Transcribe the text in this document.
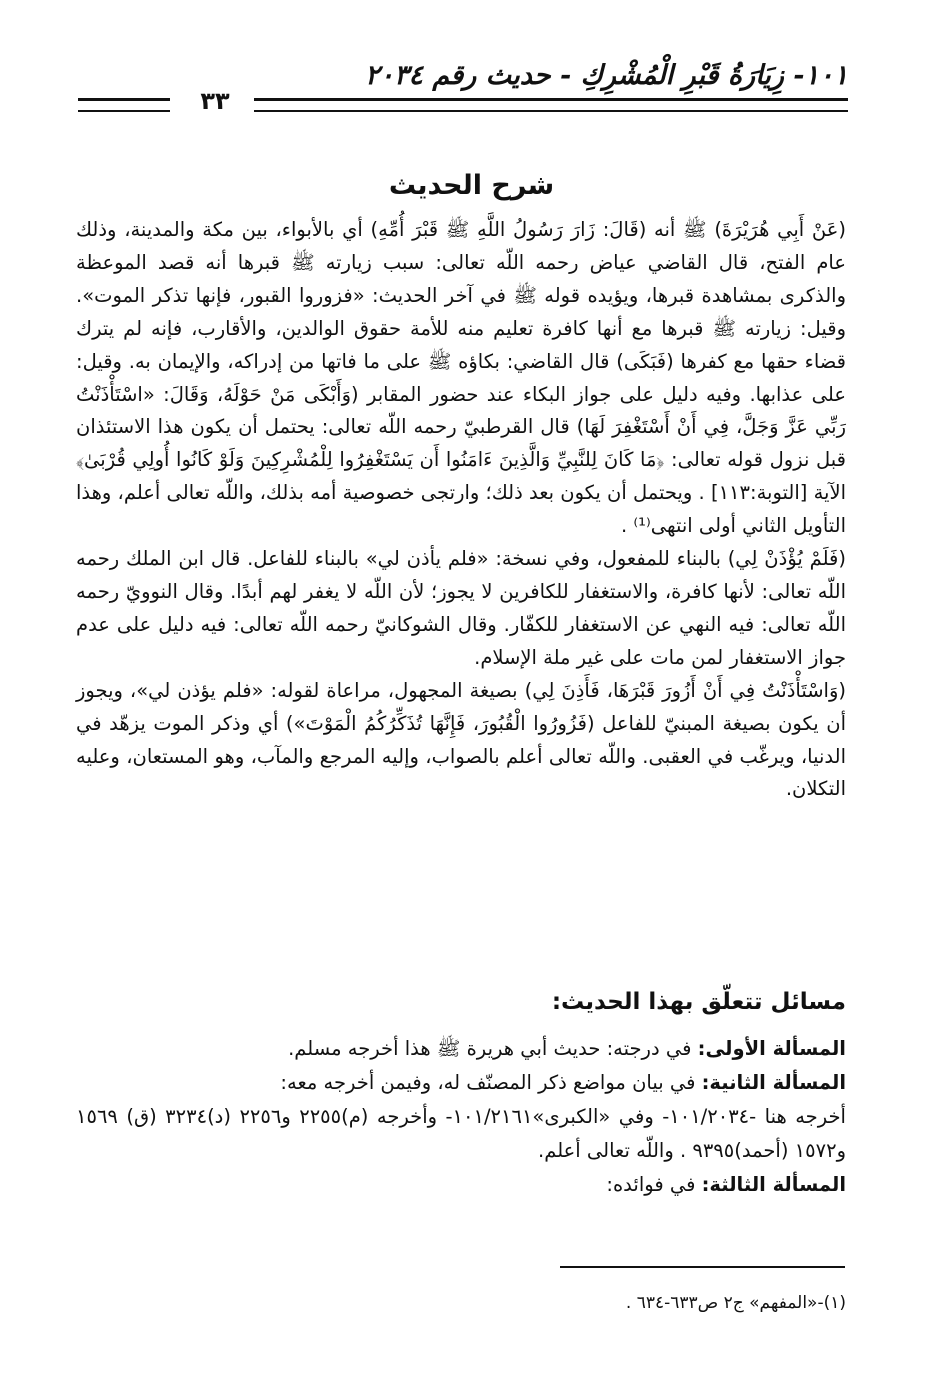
١٠١- زِيَارَةُ قَبْرِ الْمُشْرِكِ - حديث رقم ٢٠٣٤
٣٣
شرح الحديث

(عَنْ أَبِي هُرَيْرَةَ) ﷺ أنه (قَالَ: زَارَ رَسُولُ اللَّهِ ﷺ قَبْرَ أُمِّهِ) أي بالأبواء، بين مكة والمدينة، وذلك عام الفتح، قال القاضي عياض رحمه اللّه تعالى: سبب زيارته ﷺ قبرها أنه قصد الموعظة والذكرى بمشاهدة قبرها، ويؤيده قوله ﷺ في آخر الحديث: «فزوروا القبور، فإنها تذكر الموت». وقيل: زيارته ﷺ قبرها مع أنها كافرة تعليم منه للأمة حقوق الوالدين، والأقارب، فإنه لم يترك قضاء حقها مع كفرها (فَبَكَى) قال القاضي: بكاؤه ﷺ على ما فاتها من إدراكه، والإيمان به. وقيل: على عذابها. وفيه دليل على جواز البكاء عند حضور المقابر (وَأَبْكَى مَنْ حَوْلَهُ، وَقَالَ: «اسْتَأْذَنْتُ رَبِّي عَزَّ وَجَلَّ، فِي أَنْ أَسْتَغْفِرَ لَهَا) قال القرطبيّ رحمه اللّه تعالى: يحتمل أن يكون هذا الاستئذان قبل نزول قوله تعالى: ﴿مَا كَانَ لِلنَّبِيِّ وَالَّذِينَ ءَامَنُوا أَن يَسْتَغْفِرُوا لِلْمُشْرِكِينَ وَلَوْ كَانُوا أُولِي قُرْبَىٰ﴾ الآية [التوبة:١١٣] . ويحتمل أن يكون بعد ذلك؛ وارتجى خصوصية أمه بذلك، واللّه تعالى أعلم، وهذا التأويل الثاني أولى انتهى⁽¹⁾ .

(فَلَمْ يُؤْذَنْ لِي) بالبناء للمفعول، وفي نسخة: «فلم يأذن لي» بالبناء للفاعل. قال ابن الملك رحمه اللّه تعالى: لأنها كافرة، والاستغفار للكافرين لا يجوز؛ لأن اللّه لا يغفر لهم أبدًا. وقال النوويّ رحمه اللّه تعالى: فيه النهي عن الاستغفار للكفّار. وقال الشوكانيّ رحمه اللّه تعالى: فيه دليل على عدم جواز الاستغفار لمن مات على غير ملة الإسلام.

(وَاسْتَأْذَنْتُ فِي أَنْ أَزُورَ قَبْرَهَا، فَأَذِنَ لِي) بصيغة المجهول، مراعاة لقوله: «فلم يؤذن لي»، ويجوز أن يكون بصيغة المبنيّ للفاعل (فَزُورُوا الْقُبُورَ، فَإِنَّهَا تُذَكِّرُكُمُ الْمَوْتَ») أي وذكر الموت يزهّد في الدنيا، ويرغّب في العقبى. واللّه تعالى أعلم بالصواب، وإليه المرجع والمآب، وهو المستعان، وعليه التكلان.

مسائل تتعلّق بهذا الحديث:

المسألة الأولى: في درجته: حديث أبي هريرة ﷺ هذا أخرجه مسلم.

المسألة الثانية: في بيان مواضع ذكر المصنّف له، وفيمن أخرجه معه:

أخرجه هنا -١٠١/٢٠٣٤- وفي «الكبرى»١٠١/٢١٦١- وأخرجه (م)٢٢٥٥ و٢٢٥٦ (د)٣٢٣٤ (ق) ١٥٦٩ و١٥٧٢ (أحمد)٩٣٩٥ . واللّه تعالى أعلم.

المسألة الثالثة: في فوائده:

(١)-«المفهم» ج٢ ص٦٣٣-٦٣٤ .
